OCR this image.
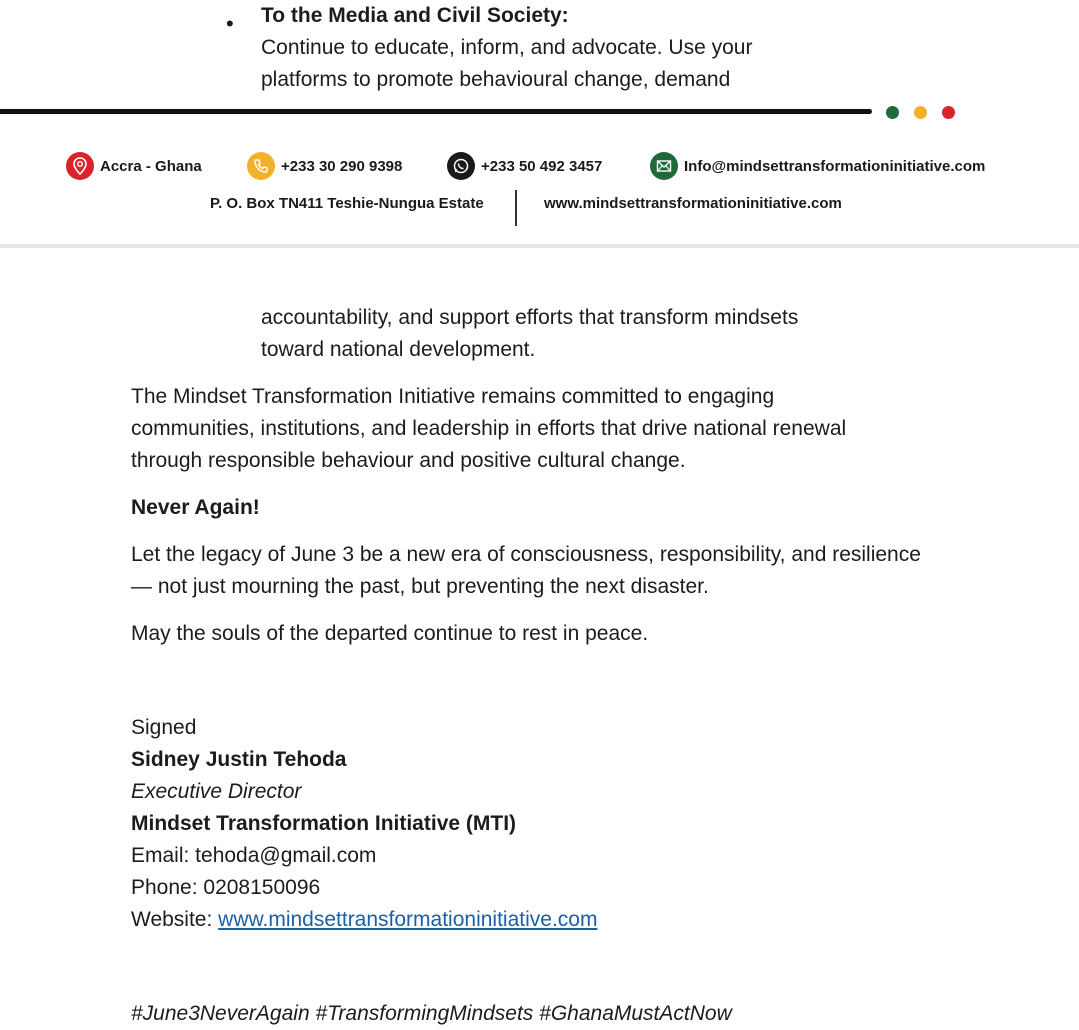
• To the Media and Civil Society:
Continue to educate, inform, and advocate. Use your
platforms to promote behavioural change, demand
Accra - Ghana	+233 30 290 9398	+233 50 492 3457	Info@mindsettransformationinitiative.com
P. O. Box TN411 Teshie-Nungua Estate	www.mindsettransformationinitiative.com
accountability, and support efforts that transform mindsets
toward national development.
The Mindset Transformation Initiative remains committed to engaging
communities, institutions, and leadership in efforts that drive national renewal
through responsible behaviour and positive cultural change.
Never Again!
Let the legacy of June 3 be a new era of consciousness, responsibility, and resilience
— not just mourning the past, but preventing the next disaster.
May the souls of the departed continue to rest in peace.
Signed
Sidney Justin Tehoda
Executive Director
Mindset Transformation Initiative (MTI)
Email: tehoda@gmail.com
Phone: 0208150096
Website: www.mindsettransformationinitiative.com
#June3NeverAgain #TransformingMindsets #GhanaMustActNow
